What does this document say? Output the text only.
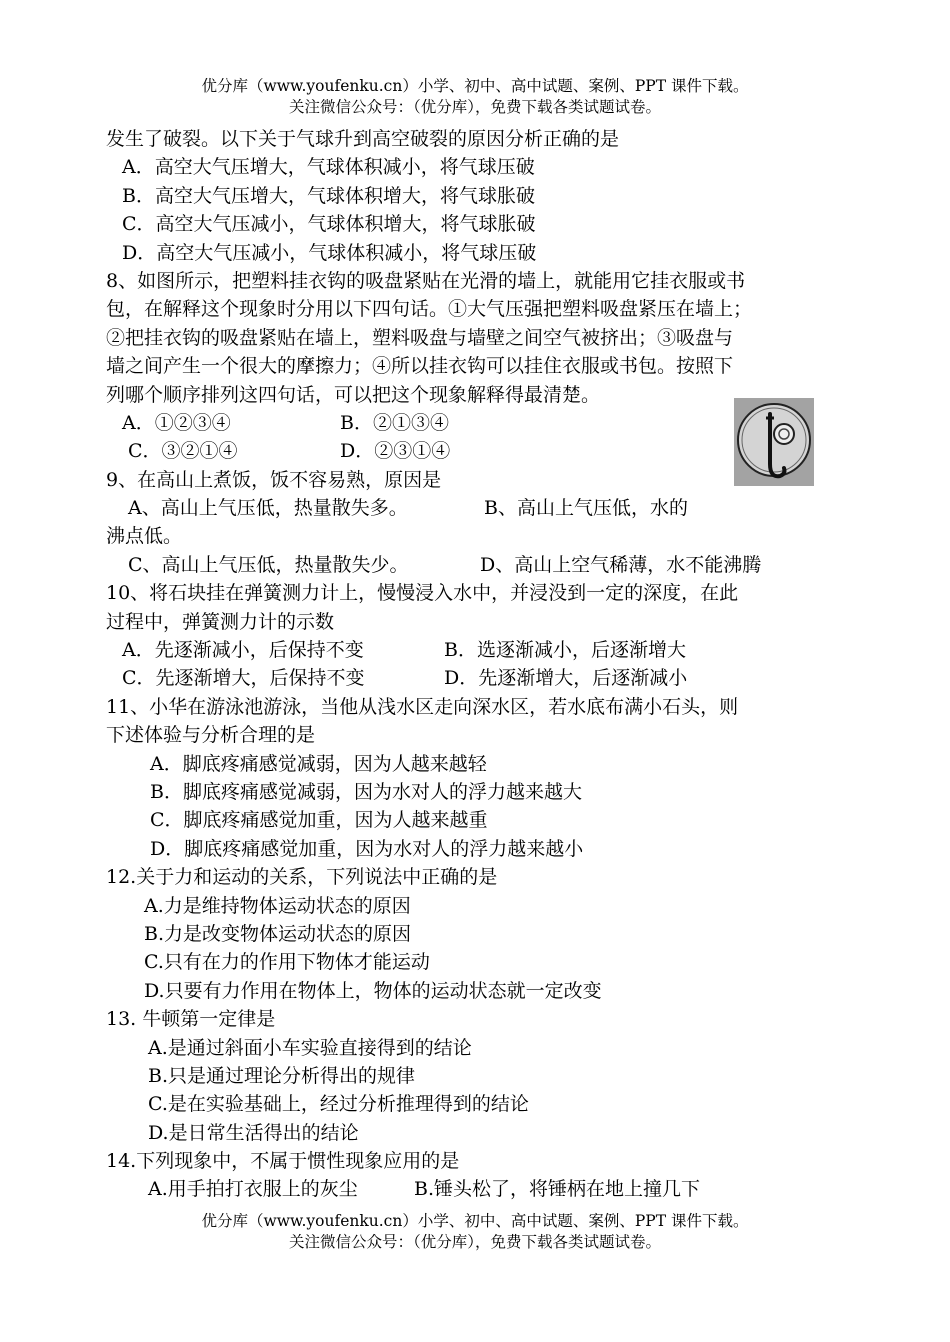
优分库（www.youfenku.cn）小学、初中、高中试题、案例、PPT 课件下载。
关注微信公众号：（优分库），免费下载各类试题试卷。
发生了破裂。以下关于气球升到高空破裂的原因分析正确的是
A．高空大气压增大，气球体积减小，将气球压破
B．高空大气压增大，气球体积增大，将气球胀破
C．高空大气压减小，气球体积增大，将气球胀破
D．高空大气压减小，气球体积减小，将气球压破
8、如图所示，把塑料挂衣钩的吸盘紧贴在光滑的墙上，就能用它挂衣服或书
包，在解释这个现象时分用以下四句话。①大气压强把塑料吸盘紧压在墙上；
②把挂衣钩的吸盘紧贴在墙上，塑料吸盘与墙壁之间空气被挤出；③吸盘与
墙之间产生一个很大的摩擦力；④所以挂衣钩可以挂住衣服或书包。按照下
列哪个顺序排列这四句话，可以把这个现象解释得最清楚。
A．①②③④	B．②①③④
C．③②①④	D．②③①④
9、在高山上煮饭，饭不容易熟，原因是
A、高山上气压低，热量散失多。	B、高山上气压低，水的
沸点低。
C、高山上气压低，热量散失少。	D、高山上空气稀薄，水不能沸腾
10、将石块挂在弹簧测力计上，慢慢浸入水中，并浸没到一定的深度，在此
过程中，弹簧测力计的示数
A．先逐渐减小，后保持不变	B．选逐渐减小，后逐渐增大
C．先逐渐增大，后保持不变	D．先逐渐增大，后逐渐减小
11、小华在游泳池游泳，当他从浅水区走向深水区，若水底布满小石头，则
下述体验与分析合理的是
A．脚底疼痛感觉减弱，因为人越来越轻
B．脚底疼痛感觉减弱，因为水对人的浮力越来越大
C．脚底疼痛感觉加重，因为人越来越重
D．脚底疼痛感觉加重，因为水对人的浮力越来越小
12.关于力和运动的关系，下列说法中正确的是
A.力是维持物体运动状态的原因
B.力是改变物体运动状态的原因
C.只有在力的作用下物体才能运动
D.只要有力作用在物体上，物体的运动状态就一定改变
13. 牛顿第一定律是
A.是通过斜面小车实验直接得到的结论
B.只是通过理论分析得出的规律
C.是在实验基础上，经过分析推理得到的结论
D.是日常生活得出的结论
14.下列现象中，不属于惯性现象应用的是
A.用手拍打衣服上的灰尘	B.锤头松了，将锤柄在地上撞几下
优分库（www.youfenku.cn）小学、初中、高中试题、案例、PPT 课件下载。
关注微信公众号：（优分库），免费下载各类试题试卷。
